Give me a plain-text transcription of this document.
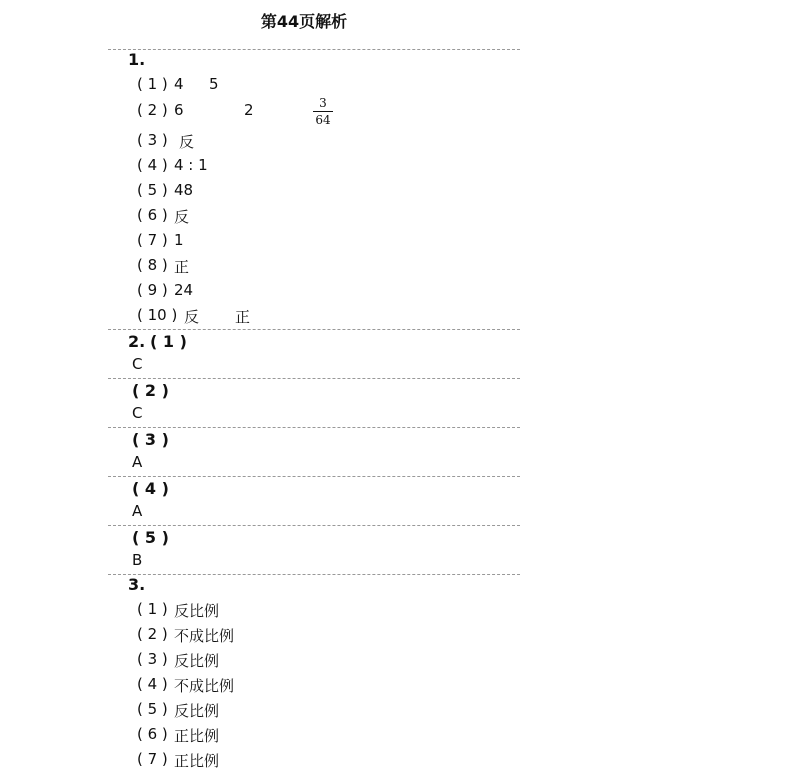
第44页解析
1.
( 1 ) 4 5
( 2 ) 6	2	3
64
( 3 ) 反
( 4 ) 4 : 1
( 5 ) 48
( 6 ) 反
( 7 ) 1
( 8 ) 正
( 9 ) 24
( 10 ) 反 正
2. ( 1 )
C
( 2 )
C
( 3 )
A
( 4 )
A
( 5 )
B
3.
( 1 ) 反比例
( 2 ) 不成比例
( 3 ) 反比例
( 4 ) 不成比例
( 5 ) 反比例
( 6 ) 正比例
( 7 ) 正比例
